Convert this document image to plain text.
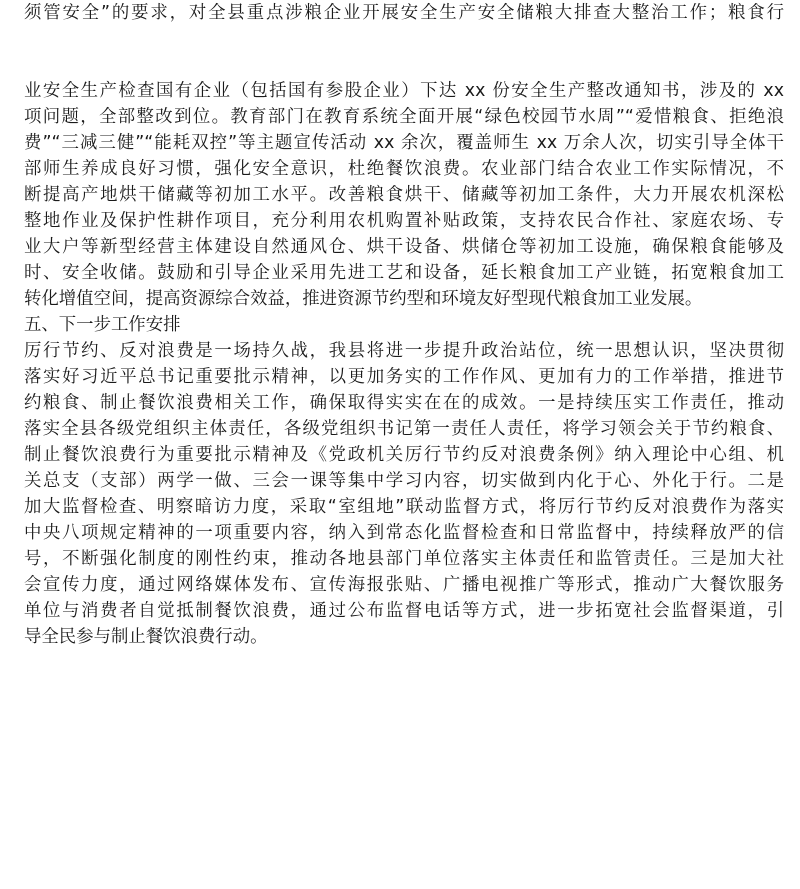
须管安全”的要求，对全县重点涉粮企业开展安全生产安全储粮大排查大整治工作；粮食行
业安全生产检查国有企业（包括国有参股企业）下达 xx 份安全生产整改通知书，涉及的 xx
项问题，全部整改到位。教育部门在教育系统全面开展“绿色校园节水周”“爱惜粮食、拒绝浪
费”“三减三健”“能耗双控”等主题宣传活动 xx 余次，覆盖师生 xx 万余人次，切实引导全体干
部师生养成良好习惯，强化安全意识，杜绝餐饮浪费。农业部门结合农业工作实际情况，不
断提高产地烘干储藏等初加工水平。改善粮食烘干、储藏等初加工条件，大力开展农机深松
整地作业及保护性耕作项目，充分利用农机购置补贴政策，支持农民合作社、家庭农场、专
业大户等新型经营主体建设自然通风仓、烘干设备、烘储仓等初加工设施，确保粮食能够及
时、安全收储。鼓励和引导企业采用先进工艺和设备，延长粮食加工产业链，拓宽粮食加工
转化增值空间，提高资源综合效益，推进资源节约型和环境友好型现代粮食加工业发展。
五、下一步工作安排
厉行节约、反对浪费是一场持久战，我县将进一步提升政治站位，统一思想认识，坚决贯彻
落实好习近平总书记重要批示精神，以更加务实的工作作风、更加有力的工作举措，推进节
约粮食、制止餐饮浪费相关工作，确保取得实实在在的成效。一是持续压实工作责任，推动
落实全县各级党组织主体责任，各级党组织书记第一责任人责任，将学习领会关于节约粮食、
制止餐饮浪费行为重要批示精神及《党政机关厉行节约反对浪费条例》纳入理论中心组、机
关总支（支部）两学一做、三会一课等集中学习内容，切实做到内化于心、外化于行。二是
加大监督检查、明察暗访力度，采取“室组地”联动监督方式，将厉行节约反对浪费作为落实
中央八项规定精神的一项重要内容，纳入到常态化监督检查和日常监督中，持续释放严的信
号，不断强化制度的刚性约束，推动各地县部门单位落实主体责任和监管责任。三是加大社
会宣传力度，通过网络媒体发布、宣传海报张贴、广播电视推广等形式，推动广大餐饮服务
单位与消费者自觉抵制餐饮浪费，通过公布监督电话等方式，进一步拓宽社会监督渠道，引
导全民参与制止餐饮浪费行动。
